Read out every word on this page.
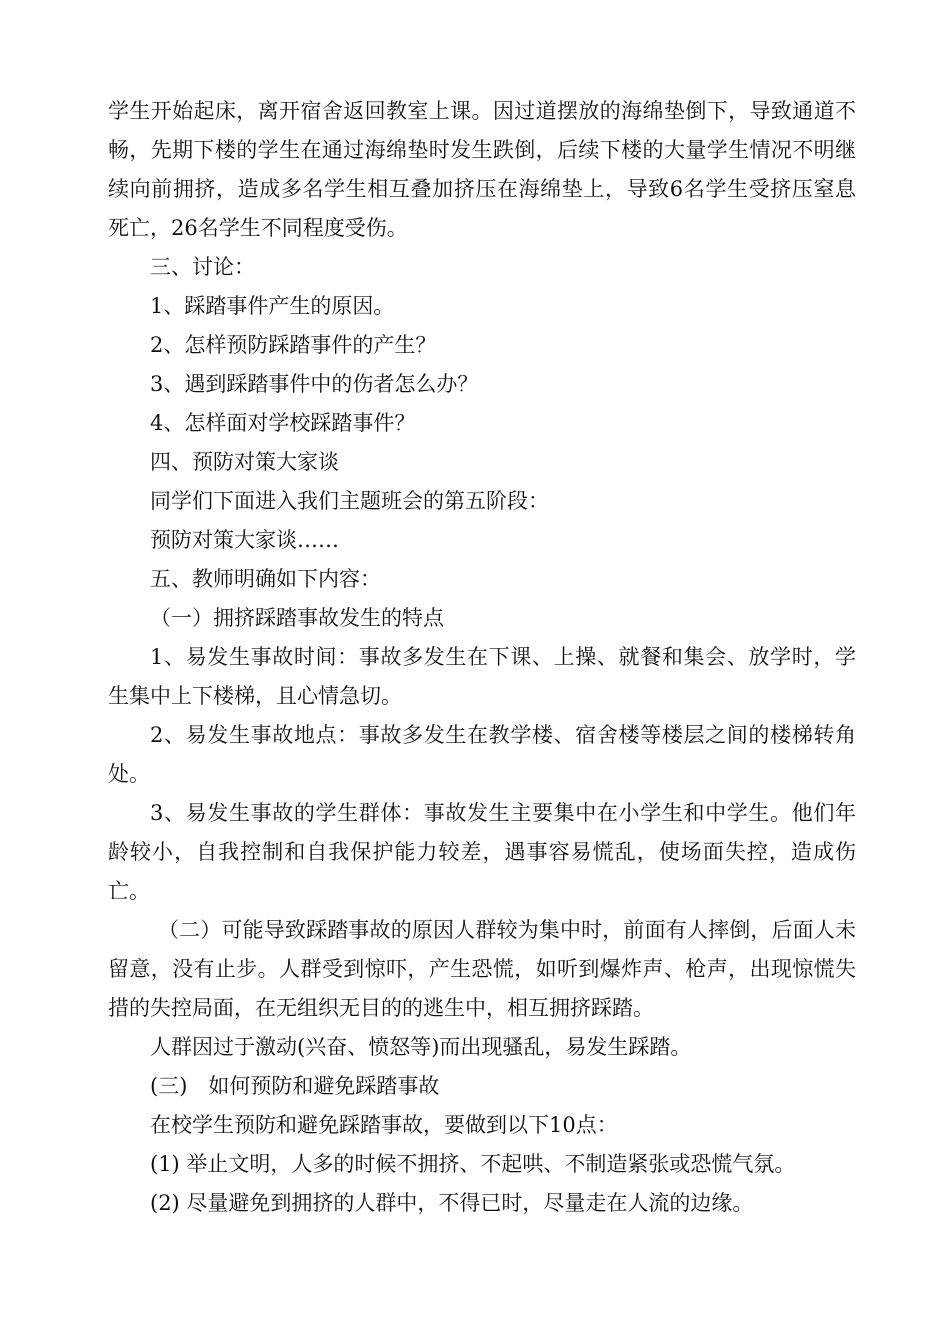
学生开始起床，离开宿舍返回教室上课。因过道摆放的海绵垫倒下，导致通道不畅，先期下楼的学生在通过海绵垫时发生跌倒，后续下楼的大量学生情况不明继续向前拥挤，造成多名学生相互叠加挤压在海绵垫上，导致6名学生受挤压窒息死亡，26名学生不同程度受伤。

三、讨论：

1、踩踏事件产生的原因。

2、怎样预防踩踏事件的产生？

3、遇到踩踏事件中的伤者怎么办？

4、怎样面对学校踩踏事件？

四、预防对策大家谈

同学们下面进入我们主题班会的第五阶段：

预防对策大家谈……

五、教师明确如下内容：

（一）拥挤踩踏事故发生的特点

1、易发生事故时间：事故多发生在下课、上操、就餐和集会、放学时，学生集中上下楼梯，且心情急切。

2、易发生事故地点：事故多发生在教学楼、宿舍楼等楼层之间的楼梯转角处。

3、易发生事故的学生群体：事故发生主要集中在小学生和中学生。他们年龄较小，自我控制和自我保护能力较差，遇事容易慌乱，使场面失控，造成伤亡。

（二）可能导致踩踏事故的原因人群较为集中时，前面有人摔倒，后面人未留意，没有止步。人群受到惊吓，产生恐慌，如听到爆炸声、枪声，出现惊慌失措的失控局面，在无组织无目的的逃生中，相互拥挤踩踏。

人群因过于激动(兴奋、愤怒等)而出现骚乱，易发生踩踏。

(三)　如何预防和避免踩踏事故

在校学生预防和避免踩踏事故，要做到以下10点：

(1) 举止文明，人多的时候不拥挤、不起哄、不制造紧张或恐慌气氛。

(2) 尽量避免到拥挤的人群中，不得已时，尽量走在人流的边缘。
